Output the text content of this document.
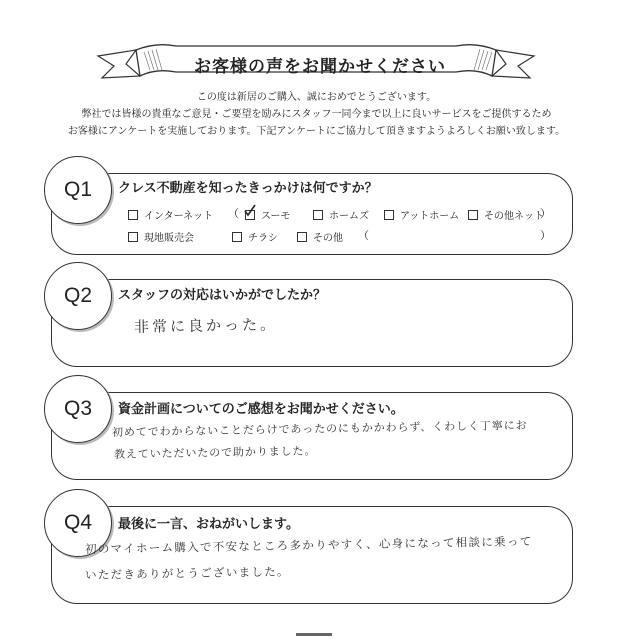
お客様の声をお聞かせください
この度は新居のご購入、誠におめでとうございます。
弊社では皆様の貴重なご意見・ご要望を励みにスタッフ一同今まで以上に良いサービスをご提供するため
お客様にアンケートを実施しております。下記アンケートにご協力して頂きますようよろしくお願い致します。
Q1	クレス不動産を知ったきっかけは何ですか？
インターネット	スーモ	ホームズ	アットホーム	その他ネット
）
（
現地販売会	チラシ	その他 （	）
Q2	スタッフの対応はいかがでしたか？
非常に良かった。
Q3	資金計画についてのご感想をお聞かせください。
初めてでわからないことだらけであったのにもかかわらず、くわしく丁寧にお
教えていただいたので助かりました。
Q4	最後に一言、おねがいします。
初のマイホーム購入で不安なところ多かりやすく、心身になって相談に乗って
いただきありがとうございました。
